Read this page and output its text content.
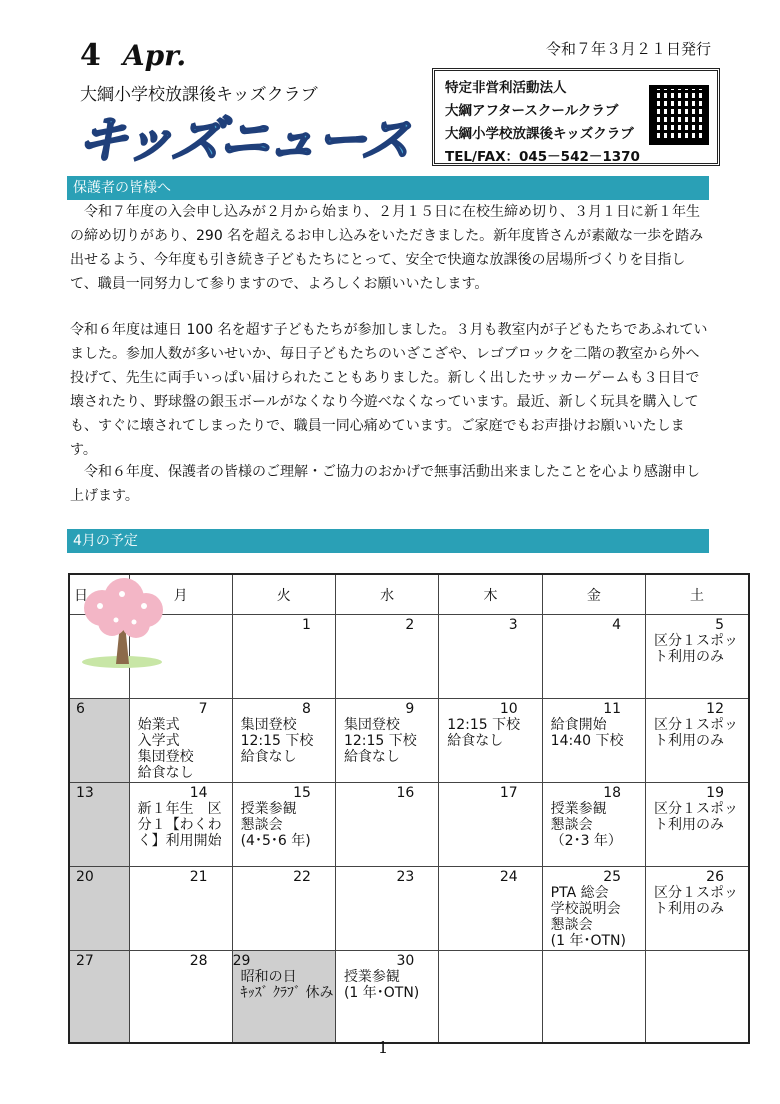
4 Apr.	令和７年３月２１日発行
大綱小学校放課後キッズクラブ
キッズニュース
特定非営利活動法人
大綱アフタースクールクラブ
大綱小学校放課後キッズクラブ
TEL/FAX：045－542－1370
保護者の皆様へ
　令和７年度の入会申し込みが２月から始まり、２月１５日に在校生締め切り、３月１日に新１年生の締め切りがあり、290 名を超えるお申し込みをいただきました。新年度皆さんが素敵な一歩を踏み出せるよう、今年度も引き続き子どもたちにとって、安全で快適な放課後の居場所づくりを目指して、職員一同努力して参りますので、よろしくお願いいたします。
令和６年度は連日 100 名を超す子どもたちが参加しました。３月も教室内が子どもたちであふれていました。参加人数が多いせいか、毎日子どもたちのいざこざや、レゴブロックを二階の教室から外へ投げて、先生に両手いっぱい届けられたこともありました。新しく出したサッカーゲームも３日目で壊されたり、野球盤の銀玉ボールがなくなり今遊べなくなっています。最近、新しく玩具を購入しても、すぐに壊されてしまったりで、職員一同心痛めています。ご家庭でもお声掛けお願いいたします。
　令和６年度、保護者の皆様のご理解・ご協力のおかげで無事活動出来ましたことを心より感謝申し上げます。
4月の予定
日	月	火	水	木	金	土

		1	2	3	4	5
区分１スポッ
ト利用のみ

6	7
始業式
入学式
集団登校
給食なし	8
集団登校
12:15 下校
給食なし	9
集団登校
12:15 下校
給食なし	10
12:15 下校
給食なし	11
給食開始
14:40 下校	12
区分１スポッ
ト利用のみ

13	14
新１年生　区
分１【わくわ
く】利用開始	15
授業参観
懇談会
(4･5･6 年)	16	17	18
授業参観
懇談会
（2･3 年）	19
区分１スポッ
ト利用のみ

20	21	22	23	24	25
PTA 総会
学校説明会
懇談会
(1 年･OTN)	26
区分１スポッ
ト利用のみ

27	28	29
昭和の日
ｷｯｽﾞ ｸﾗﾌﾞ 休み	30
授業参観
(1 年･OTN)			

1
